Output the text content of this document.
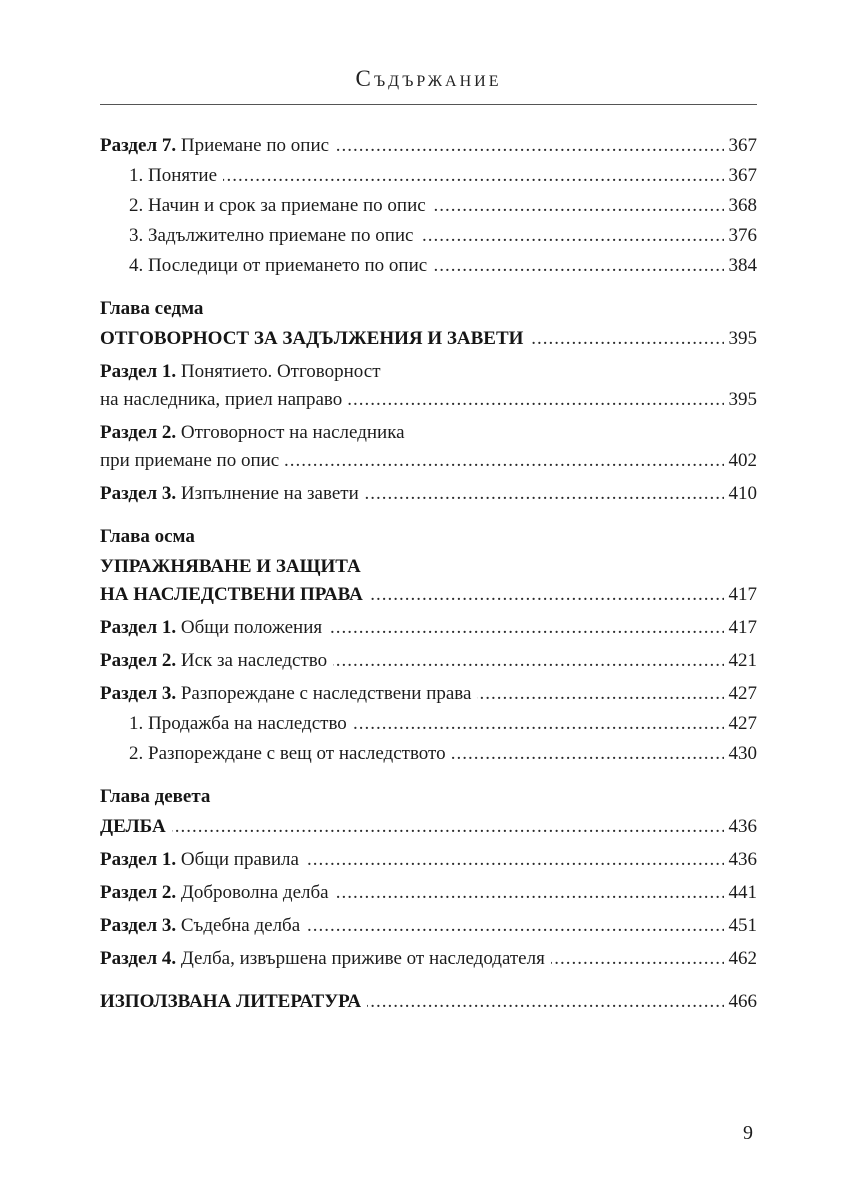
Съдържание
Раздел 7. Приемане по опис	367
.....
1. Понятие	367
.....
2. Начин и срок за приемане по опис	368
.....
3. Задължително приемане по опис	376
.....
4. Последици от приемането по опис	384
.....
Глава седма
ОТГОВОРНОСТ ЗА ЗАДЪЛЖЕНИЯ И ЗАВЕТИ	395
.....
Раздел 1. Понятието. Отговорност
на наследника, приел направо	395
.....
Раздел 2. Отговорност на наследника
при приемане по опис	402
.....
Раздел 3. Изпълнение на завети	410
.....
Глава осма
УПРАЖНЯВАНЕ И ЗАЩИТА
НА НАСЛЕДСТВЕНИ ПРАВА	417
.....
Раздел 1. Общи положения	417
.....
Раздел 2. Иск за наследство	421
.....
Раздел 3. Разпореждане с наследствени права	427
.....
1. Продажба на наследство	427
.....
2. Разпореждане с вещ от наследството	430
.....
Глава девета
ДЕЛБА	436
.....
Раздел 1. Общи правила	436
.....
Раздел 2. Доброволна делба	441
.....
Раздел 3. Съдебна делба	451
.....
Раздел 4. Делба, извършена приживе от наследодателя	462
.....
ИЗПОЛЗВАНА ЛИТЕРАТУРА	466
.....
9
